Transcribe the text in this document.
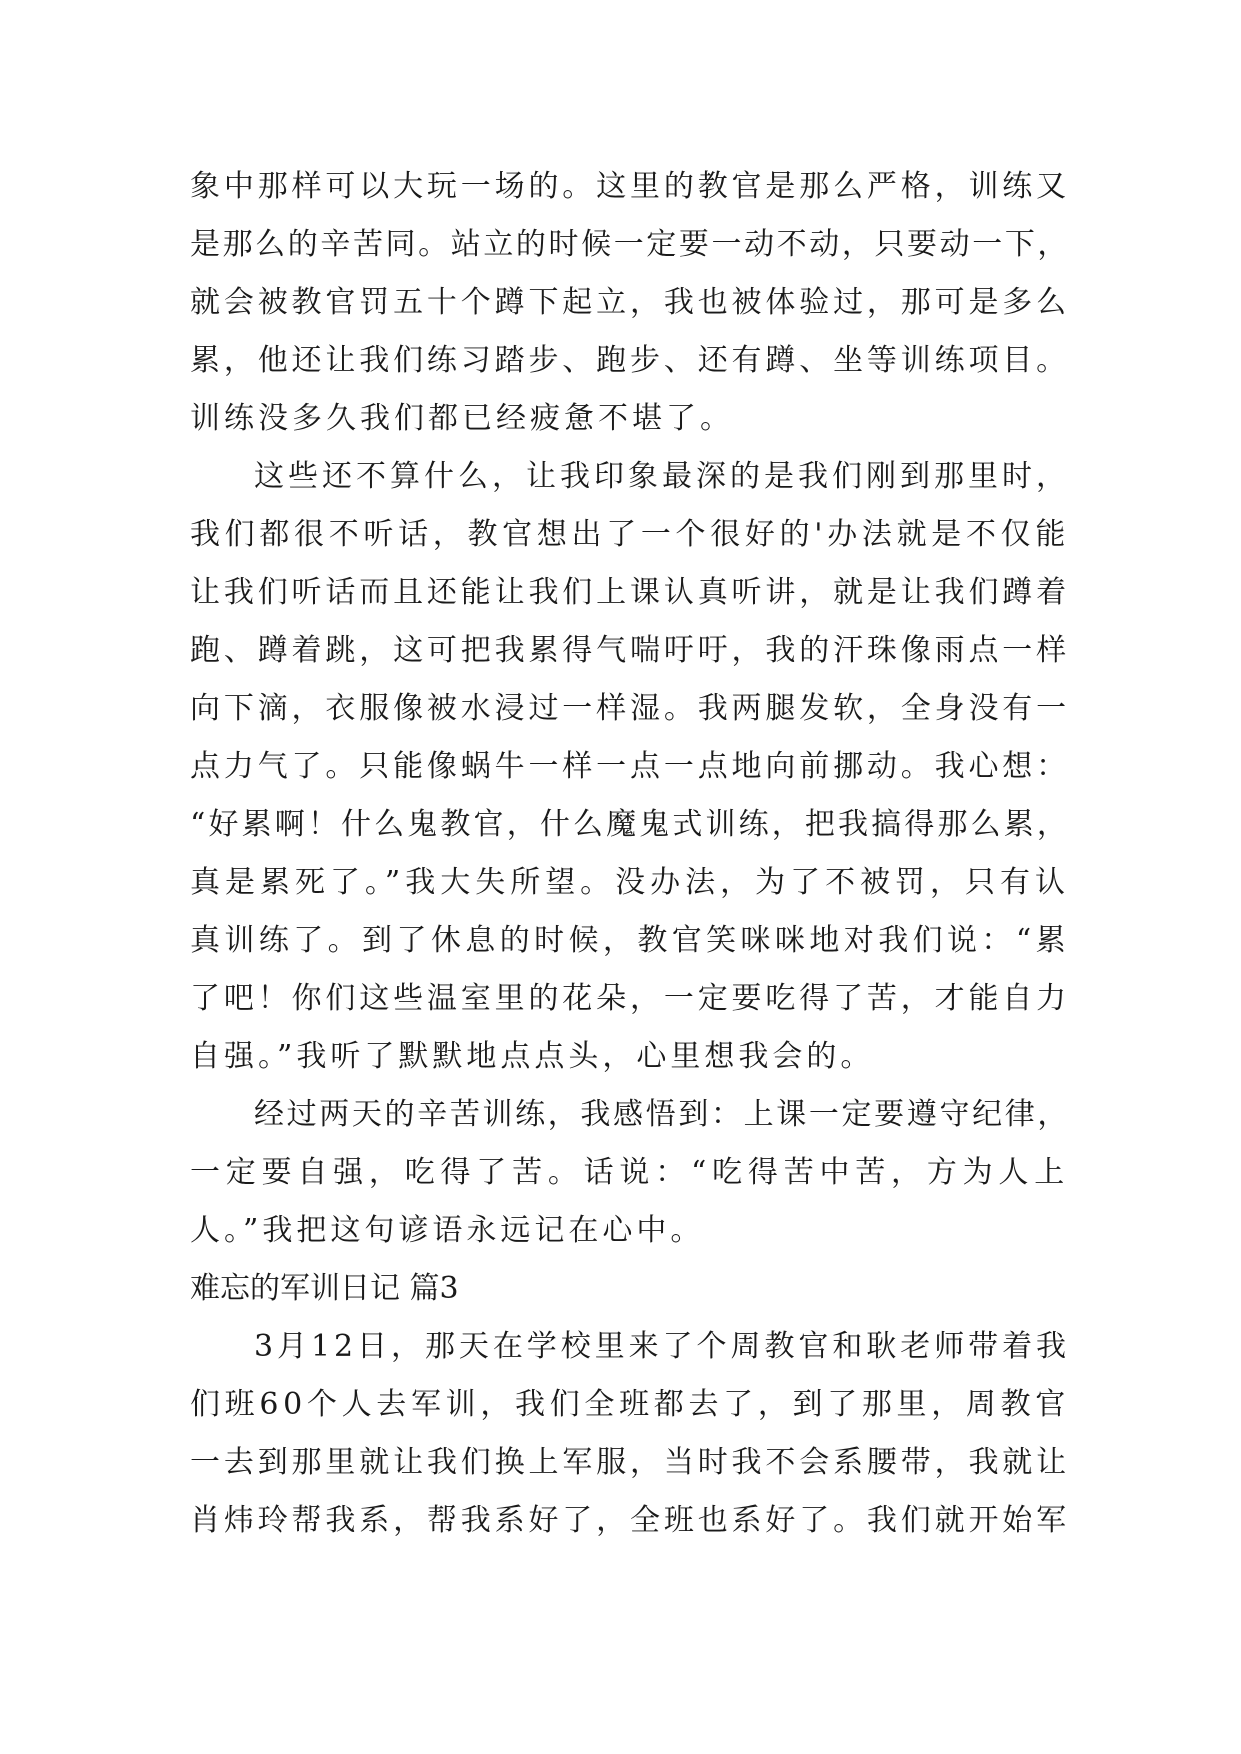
象中那样可以大玩一场的。这里的教官是那么严格，训练又
是那么的辛苦同。站立的时候一定要一动不动，只要动一下，
就会被教官罚五十个蹲下起立，我也被体验过，那可是多么
累，他还让我们练习踏步、跑步、还有蹲、坐等训练项目。
训练没多久我们都已经疲惫不堪了。
这些还不算什么，让我印象最深的是我们刚到那里时，
我们都很不听话，教官想出了一个很好的'办法就是不仅能
让我们听话而且还能让我们上课认真听讲，就是让我们蹲着
跑、蹲着跳，这可把我累得气喘吁吁，我的汗珠像雨点一样
向下滴，衣服像被水浸过一样湿。我两腿发软，全身没有一
点力气了。只能像蜗牛一样一点一点地向前挪动。我心想：
“好累啊！什么鬼教官，什么魔鬼式训练，把我搞得那么累，
真是累死了。”我大失所望。没办法，为了不被罚，只有认
真训练了。到了休息的时候，教官笑咪咪地对我们说：“累
了吧！你们这些温室里的花朵，一定要吃得了苦，才能自力
自强。”我听了默默地点点头，心里想我会的。
经过两天的辛苦训练，我感悟到：上课一定要遵守纪律，
一定要自强，吃得了苦。话说：“吃得苦中苦，方为人上
人。”我把这句谚语永远记在心中。
难忘的军训日记 篇3
3月12日，那天在学校里来了个周教官和耿老师带着我
们班60个人去军训，我们全班都去了，到了那里，周教官
一去到那里就让我们换上军服，当时我不会系腰带，我就让
肖炜玲帮我系，帮我系好了，全班也系好了。我们就开始军
